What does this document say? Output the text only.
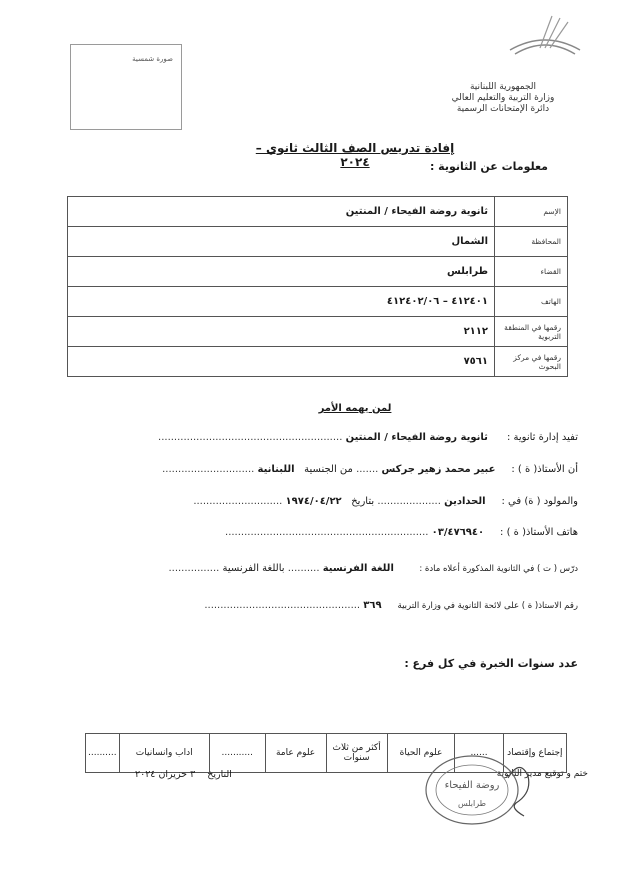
صورة شمسية
الجمهورية اللبنانية
وزارة التربية والتعليم العالي
دائرة الإمتحانات الرسمية
إفادة تدريس الصف الثالث ثانوي – ٢٠٢٤	معلومات عن الثانوية :
الإسم	ثانوية روضة الفيحاء / المنتين
المحافظة	الشمال
القضاء	طرابلس
الهاتف	٤١٢٤٠١ – ٤١٢٤٠٢/٠٦
رقمها في المنطقة التربوية	٢١١٢
رقمها في مركز البحوث	٧٥٦١
لمن يهمه الأمر
تفيد إدارة ثانوية :      ثانوية روضة الفيحاء / المنتين ..........................................................
أن الأستاذ( ة ) :     عبير محمد زهير جركس ....... من الجنسية   اللبنانية .............................
والمولود ( ة) في :     الحدادين .................... بتاريخ   ١٩٧٤/٠٤/٢٢ ............................
هاتف الأستاذ( ة ) :     ٠٣/٤٧٦٩٤٠ ................................................................
درّس ( ت ) في الثانوية المذكورة أعلاه مادة :        اللغة الفرنسية .......... باللغة الفرنسية ................
رقم الاستاذ( ة ) على لائحة الثانوية في وزارة التربية     ٣٦٩ .................................................
عدد سنوات الخبرة في كل فرع :
إجتماع وإقتصاد	......	علوم الحياة	أكثر من ثلاث سنوات	علوم عامة	...........	اداب وانسانيات	..........
ختم و توقيع مدير الثانوية
التاريخ    ٣ حزيران ٢٠٢٤
روضة الفيحاء
طرابلس
